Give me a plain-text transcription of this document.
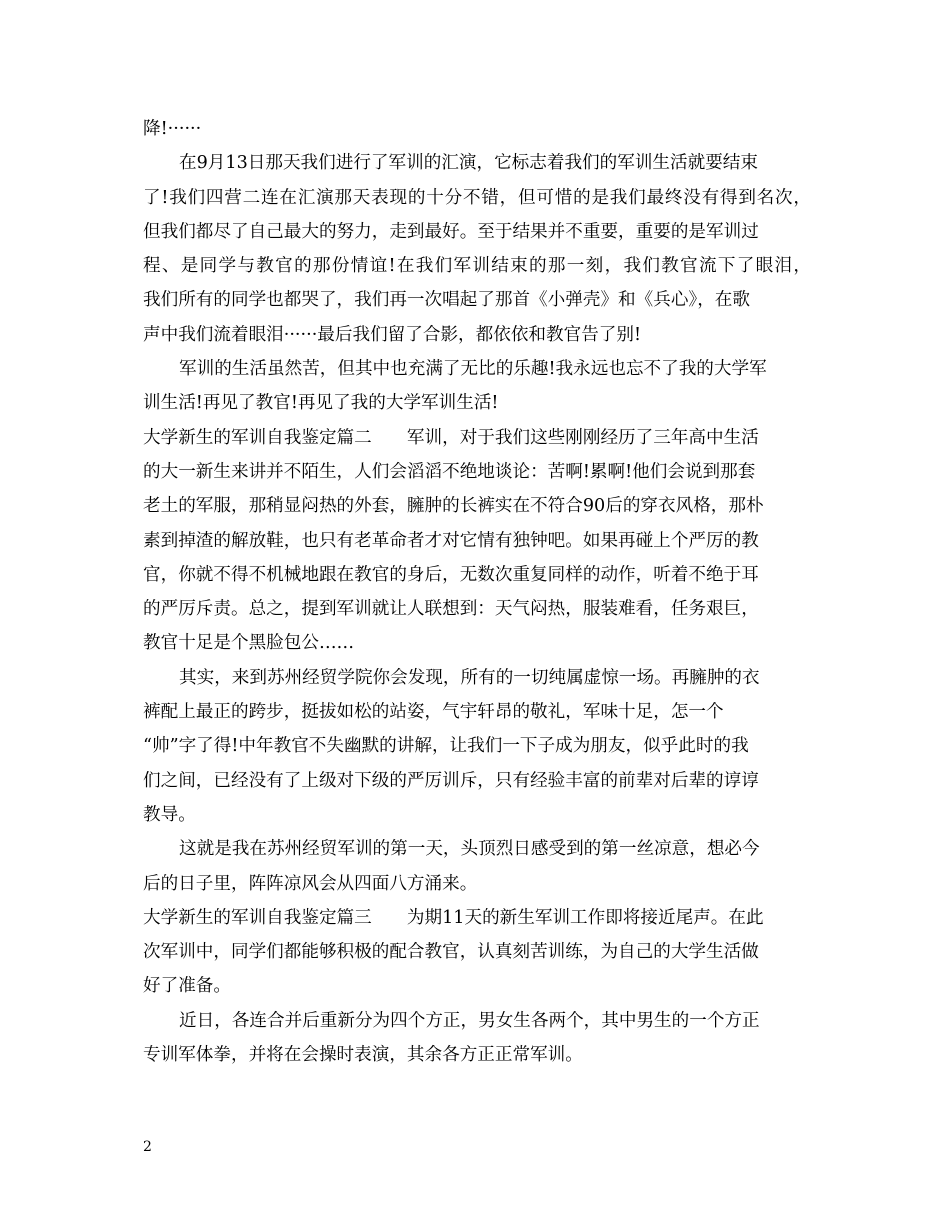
降!······
在9月13日那天我们进行了军训的汇演，它标志着我们的军训生活就要结束
了!我们四营二连在汇演那天表现的十分不错，但可惜的是我们最终没有得到名次，
但我们都尽了自己最大的努力，走到最好。至于结果并不重要，重要的是军训过
程、是同学与教官的那份情谊!在我们军训结束的那一刻，我们教官流下了眼泪，
我们所有的同学也都哭了，我们再一次唱起了那首《小弹壳》和《兵心》，在歌
声中我们流着眼泪······最后我们留了合影，都依依和教官告了别!
军训的生活虽然苦，但其中也充满了无比的乐趣!我永远也忘不了我的大学军
训生活!再见了教官!再见了我的大学军训生活!
大学新生的军训自我鉴定篇二　　军训，对于我们这些刚刚经历了三年高中生活
的大一新生来讲并不陌生，人们会滔滔不绝地谈论：苦啊!累啊!他们会说到那套
老土的军服，那稍显闷热的外套，臃肿的长裤实在不符合90后的穿衣风格，那朴
素到掉渣的解放鞋，也只有老革命者才对它情有独钟吧。如果再碰上个严厉的教
官，你就不得不机械地跟在教官的身后，无数次重复同样的动作，听着不绝于耳
的严厉斥责。总之，提到军训就让人联想到：天气闷热，服装难看，任务艰巨，
教官十足是个黑脸包公……
其实，来到苏州经贸学院你会发现，所有的一切纯属虚惊一场。再臃肿的衣
裤配上最正的跨步，挺拔如松的站姿，气宇轩昂的敬礼，军味十足，怎一个
“帅”字了得!中年教官不失幽默的讲解，让我们一下子成为朋友，似乎此时的我
们之间，已经没有了上级对下级的严厉训斥，只有经验丰富的前辈对后辈的谆谆
教导。
这就是我在苏州经贸军训的第一天，头顶烈日感受到的第一丝凉意，想必今
后的日子里，阵阵凉风会从四面八方涌来。
大学新生的军训自我鉴定篇三　　为期11天的新生军训工作即将接近尾声。在此
次军训中，同学们都能够积极的配合教官，认真刻苦训练，为自己的大学生活做
好了准备。
近日，各连合并后重新分为四个方正，男女生各两个，其中男生的一个方正
专训军体拳，并将在会操时表演，其余各方正正常军训。
2
